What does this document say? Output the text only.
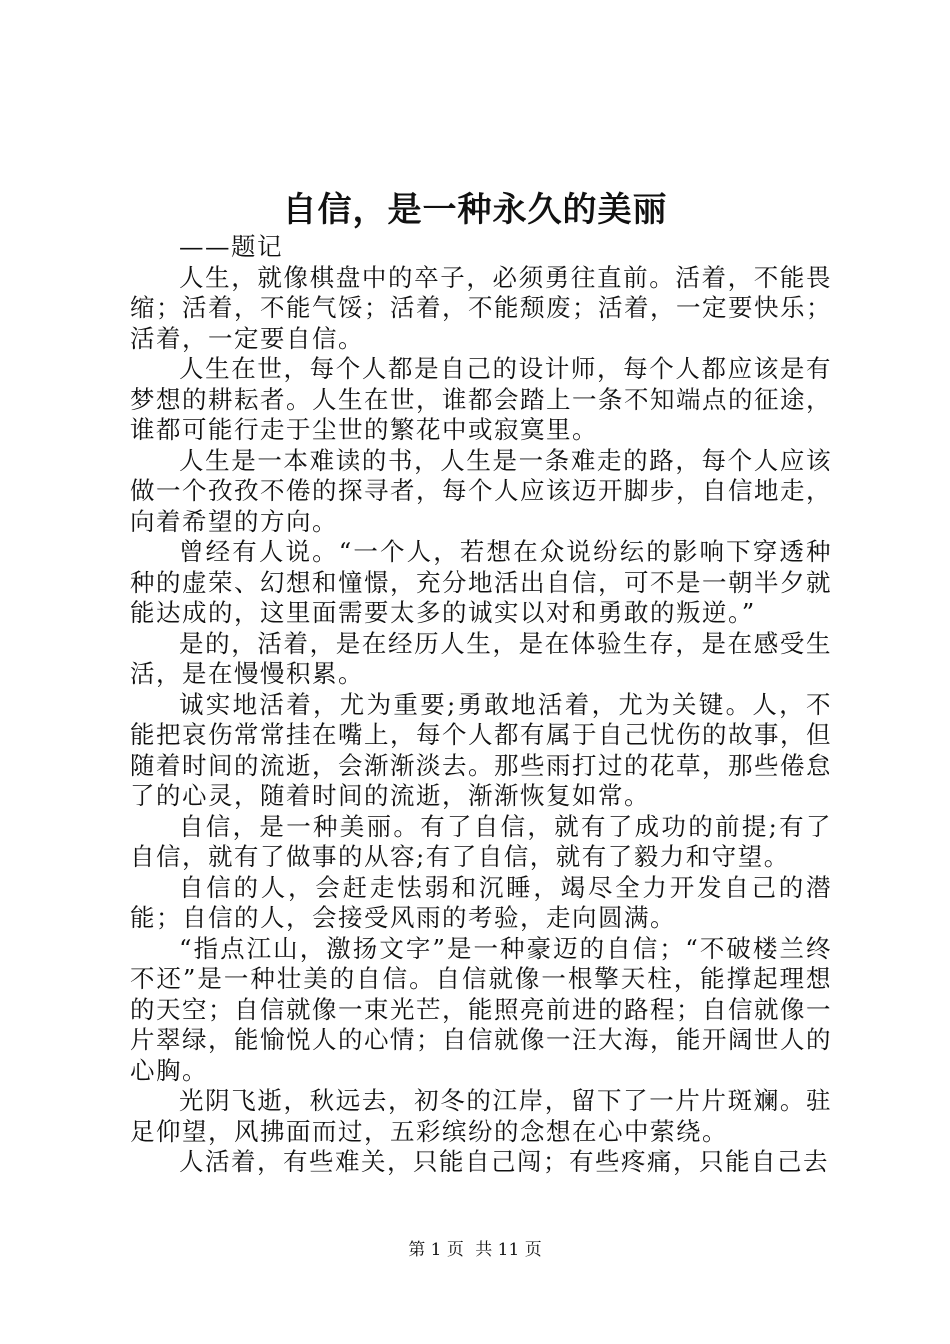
自信，是一种永久的美丽

——题记

人生，就像棋盘中的卒子，必须勇往直前。活着，不能畏缩；活着，不能气馁；活着，不能颓废；活着，一定要快乐；活着，一定要自信。

人生在世，每个人都是自己的设计师，每个人都应该是有梦想的耕耘者。人生在世，谁都会踏上一条不知端点的征途，谁都可能行走于尘世的繁花中或寂寞里。

人生是一本难读的书，人生是一条难走的路，每个人应该做一个孜孜不倦的探寻者，每个人应该迈开脚步，自信地走，向着希望的方向。

曾经有人说。“一个人，若想在众说纷纭的影响下穿透种种的虚荣、幻想和憧憬，充分地活出自信，可不是一朝半夕就能达成的，这里面需要太多的诚实以对和勇敢的叛逆。”

是的，活着，是在经历人生，是在体验生存，是在感受生活，是在慢慢积累。

诚实地活着，尤为重要;勇敢地活着，尤为关键。人，不能把哀伤常常挂在嘴上，每个人都有属于自己忧伤的故事，但随着时间的流逝，会渐渐淡去。那些雨打过的花草，那些倦怠了的心灵，随着时间的流逝，渐渐恢复如常。

自信，是一种美丽。有了自信，就有了成功的前提;有了自信，就有了做事的从容;有了自信，就有了毅力和守望。

自信的人，会赶走怯弱和沉睡，竭尽全力开发自己的潜能；自信的人，会接受风雨的考验，走向圆满。

“指点江山，激扬文字”是一种豪迈的自信；“不破楼兰终不还”是一种壮美的自信。自信就像一根擎天柱，能撑起理想的天空；自信就像一束光芒，能照亮前进的路程；自信就像一片翠绿，能愉悦人的心情；自信就像一汪大海，能开阔世人的心胸。

光阴飞逝，秋远去，初冬的江岸，留下了一片片斑斓。驻足仰望，风拂面而过，五彩缤纷的念想在心中萦绕。

人活着，有些难关，只能自己闯；有些疼痛，只能自己去

第 1 页 共 11 页
